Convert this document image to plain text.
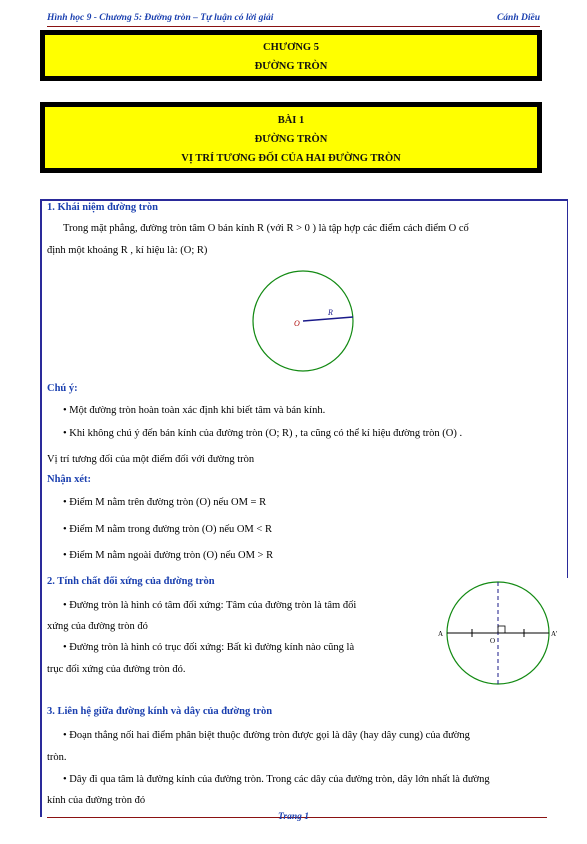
Hình học 9 - Chương 5: Đường tròn – Tự luận có lời giải	Cánh Diều
CHƯƠNG 5
ĐƯỜNG TRÒN
BÀI 1
ĐƯỜNG TRÒN
VỊ TRÍ TƯƠNG ĐỐI CỦA HAI ĐƯỜNG TRÒN
1. Khái niệm đường tròn
Trong mặt phẳng, đường tròn tâm O bán kính R (với R > 0 ) là tập hợp các điểm cách điểm O cố
định một khoảng R , kí hiệu là: (O; R)
O
R
Chú ý:
• Một đường tròn hoàn toàn xác định khi biết tâm và bán kính.
• Khi không chú ý đến bán kính của đường tròn (O; R) , ta cũng có thể kí hiệu đường tròn (O) .
Vị trí tương đối của một điểm đối với đường tròn
Nhận xét:
• Điểm M nằm trên đường tròn (O) nếu OM = R
• Điểm M nằm trong đường tròn (O) nếu OM < R
• Điểm M nằm ngoài đường tròn (O) nếu OM > R
2. Tính chất đối xứng của đường tròn
• Đường tròn là hình có tâm đối xứng: Tâm của đường tròn là tâm đối
xứng của đường tròn đó
• Đường tròn là hình có trục đối xứng: Bất kì đường kính nào cũng là
trục đối xứng của đường tròn đó.
A	A'
O
3. Liên hệ giữa đường kính và dây của đường tròn
• Đoạn thẳng nối hai điểm phân biệt thuộc đường tròn được gọi là dây (hay dây cung) của đường
tròn.
• Dây đi qua tâm là đường kính của đường tròn. Trong các dây của đường tròn, dây lớn nhất là đường
kính của đường tròn đó
Trang 1
